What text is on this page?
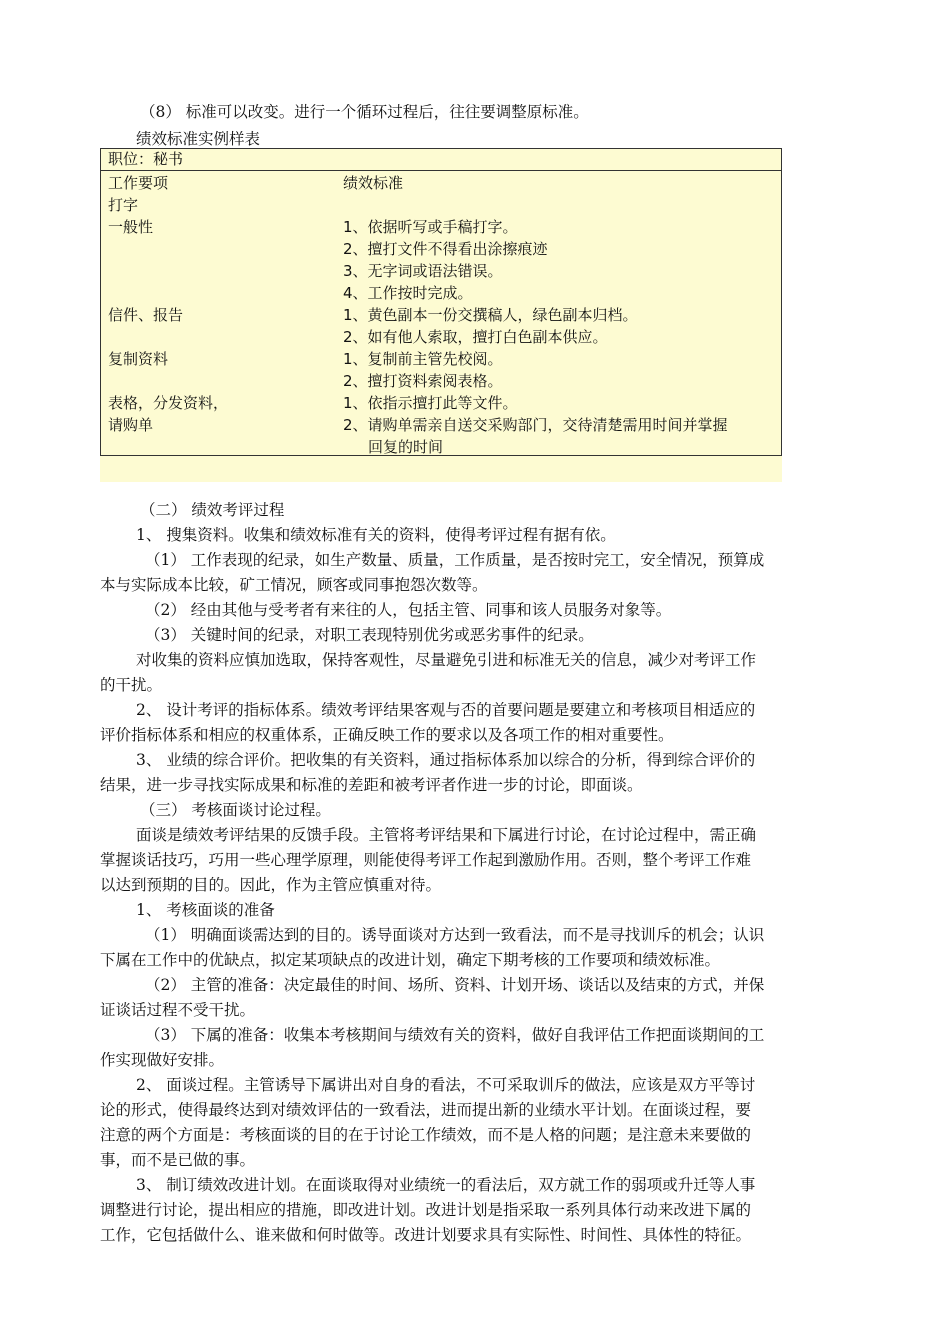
（8） 标准可以改变。进行一个循环过程后，往往要调整原标准。
绩效标准实例样表
职位：秘书
工作要项	绩效标准
打字
一般性
信件、报告
复制资料
表格，分发资料，
请购单
1、依据听写或手稿打字。
2、擅打文件不得看出涂擦痕迹
3、无字词或语法错误。
4、工作按时完成。
1、黄色副本一份交撰稿人，绿色副本归档。
2、如有他人索取，擅打白色副本供应。
1、复制前主管先校阅。
2、擅打资料索阅表格。
1、依指示擅打此等文件。
2、请购单需亲自送交采购部门，交待清楚需用时间并掌握
回复的时间
（二） 绩效考评过程
1、 搜集资料。收集和绩效标准有关的资料，使得考评过程有据有依。
（1） 工作表现的纪录，如生产数量、质量，工作质量，是否按时完工，安全情况，预算成
本与实际成本比较，矿工情况，顾客或同事抱怨次数等。
（2） 经由其他与受考者有来往的人，包括主管、同事和该人员服务对象等。
（3） 关键时间的纪录，对职工表现特别优劣或恶劣事件的纪录。
对收集的资料应慎加选取，保持客观性，尽量避免引进和标准无关的信息，减少对考评工作
的干扰。
2、 设计考评的指标体系。绩效考评结果客观与否的首要问题是要建立和考核项目相适应的
评价指标体系和相应的权重体系，正确反映工作的要求以及各项工作的相对重要性。
3、 业绩的综合评价。把收集的有关资料，通过指标体系加以综合的分析，得到综合评价的
结果，进一步寻找实际成果和标准的差距和被考评者作进一步的讨论，即面谈。
（三） 考核面谈讨论过程。
面谈是绩效考评结果的反馈手段。主管将考评结果和下属进行讨论，在讨论过程中，需正确
掌握谈话技巧，巧用一些心理学原理，则能使得考评工作起到激励作用。否则，整个考评工作难
以达到预期的目的。因此，作为主管应慎重对待。
1、 考核面谈的准备
（1） 明确面谈需达到的目的。诱导面谈对方达到一致看法，而不是寻找训斥的机会；认识
下属在工作中的优缺点，拟定某项缺点的改进计划，确定下期考核的工作要项和绩效标准。
（2） 主管的准备：决定最佳的时间、场所、资料、计划开场、谈话以及结束的方式，并保
证谈话过程不受干扰。
（3） 下属的准备：收集本考核期间与绩效有关的资料，做好自我评估工作把面谈期间的工
作实现做好安排。
2、 面谈过程。主管诱导下属讲出对自身的看法，不可采取训斥的做法，应该是双方平等讨
论的形式，使得最终达到对绩效评估的一致看法，进而提出新的业绩水平计划。在面谈过程，要
注意的两个方面是：考核面谈的目的在于讨论工作绩效，而不是人格的问题；是注意未来要做的
事，而不是已做的事。
3、 制订绩效改进计划。在面谈取得对业绩统一的看法后，双方就工作的弱项或升迁等人事
调整进行讨论，提出相应的措施，即改进计划。改进计划是指采取一系列具体行动来改进下属的
工作，它包括做什么、谁来做和何时做等。改进计划要求具有实际性、时间性、具体性的特征。
